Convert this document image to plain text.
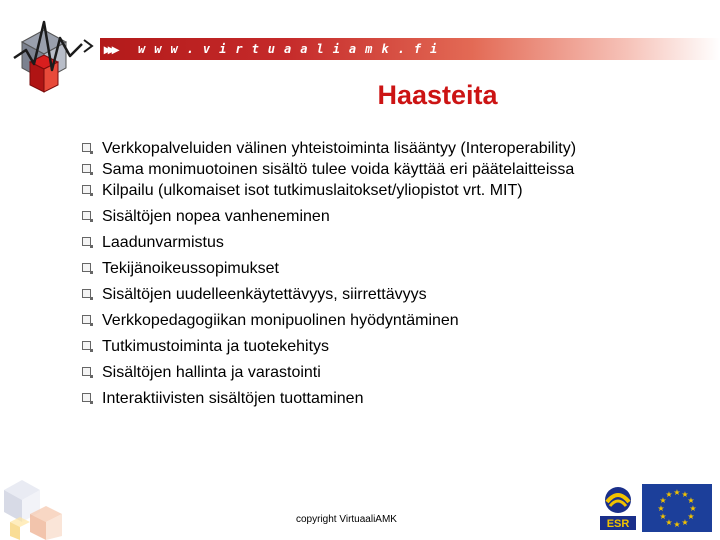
▸▸▸ www.virtuaaliamk.fi
Haasteita
Verkkopalveluiden välinen yhteistoiminta lisääntyy (Interoperability)
Sama monimuotoinen sisältö tulee voida käyttää eri päätelaitteissa
Kilpailu (ulkomaiset isot tutkimuslaitokset/yliopistot vrt. MIT)
Sisältöjen nopea vanheneminen
Laadunvarmistus
Tekijänoikeussopimukset
Sisältöjen uudelleenkäytettävyys, siirrettävyys
Verkkopedagogiikan monipuolinen hyödyntäminen
Tutkimustoiminta ja tuotekehitys
Sisältöjen hallinta ja varastointi
Interaktiivisten sisältöjen tuottaminen
copyright VirtuaaliAMK	ESR
★ ★
★
★
★
★
★
★
★
★
★
★
